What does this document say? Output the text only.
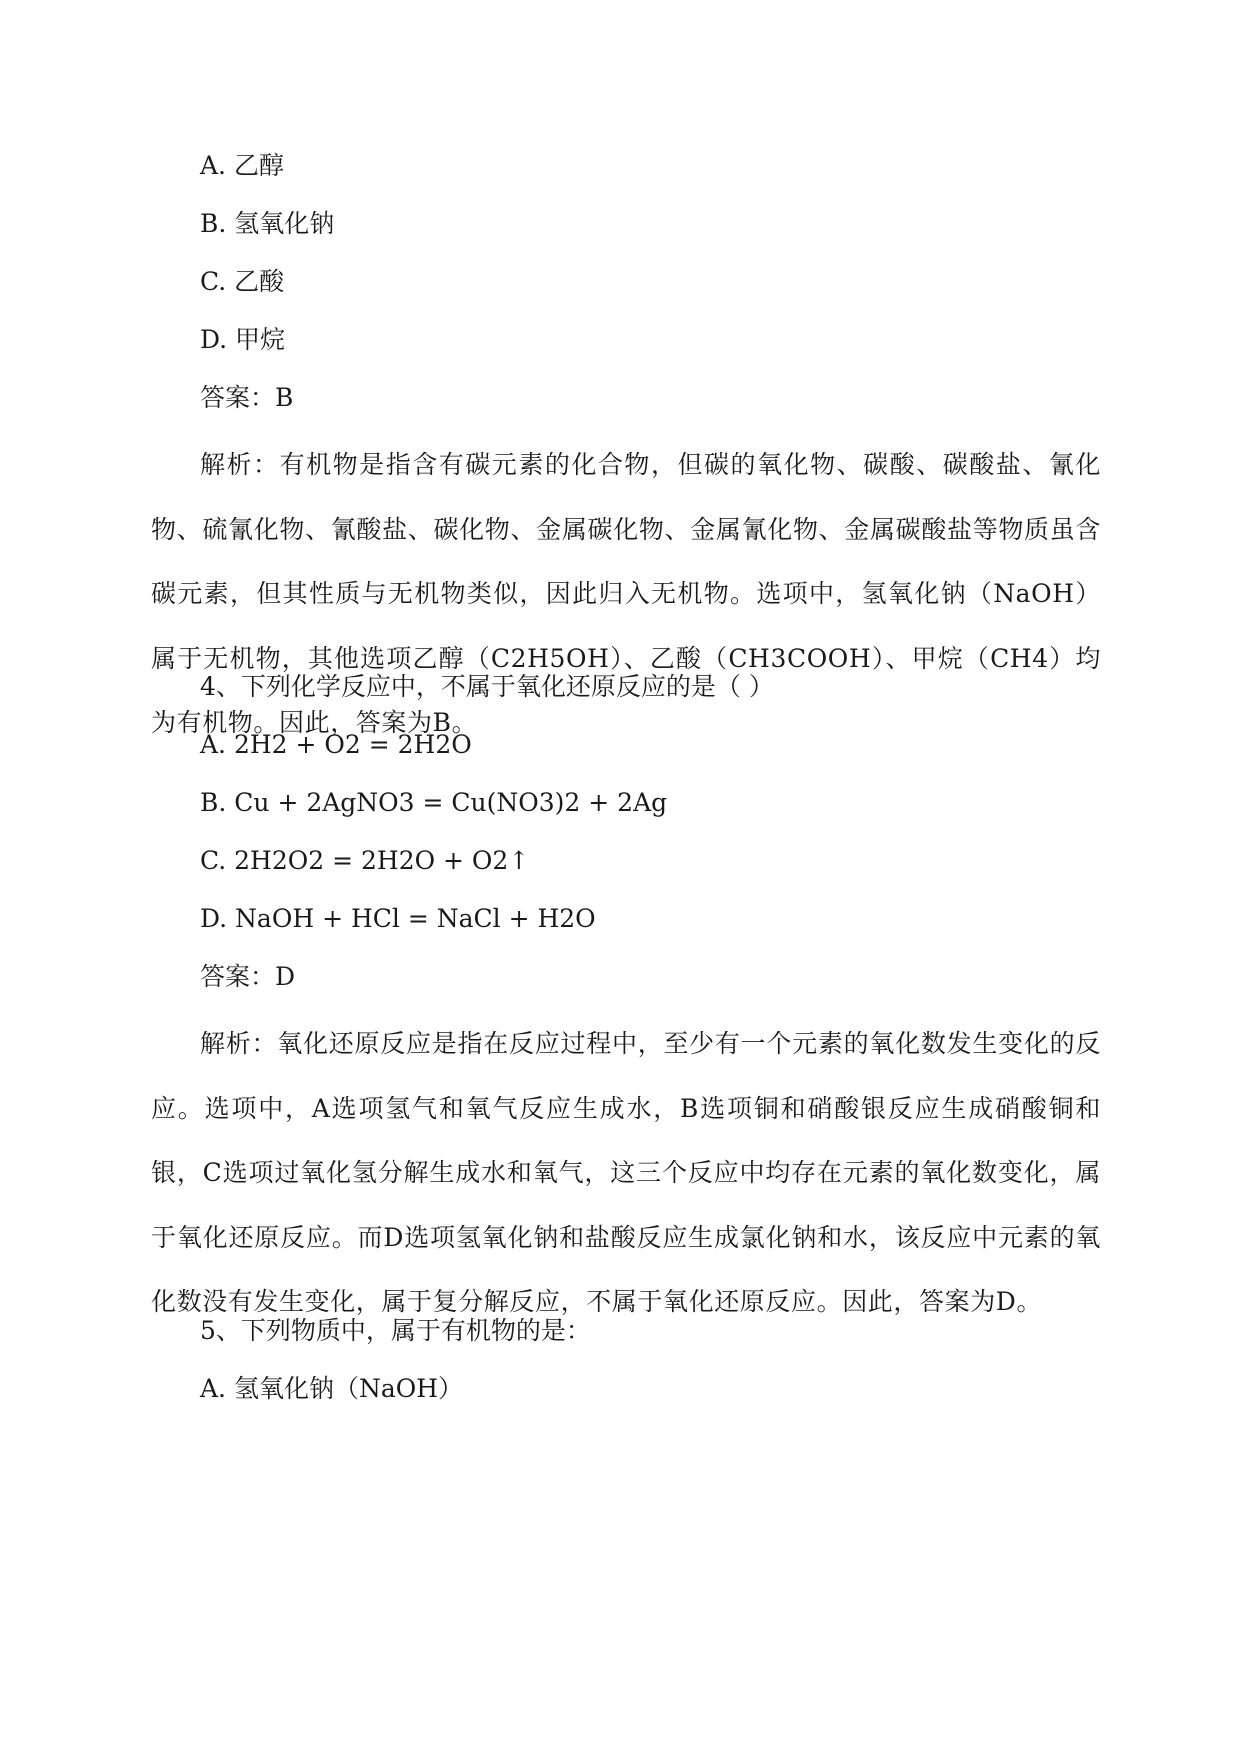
A. 乙醇
B. 氢氧化钠
C. 乙酸
D. 甲烷
答案：B
解析：有机物是指含有碳元素的化合物，但碳的氧化物、碳酸、碳酸盐、氰化物、硫氰化物、氰酸盐、碳化物、金属碳化物、金属氰化物、金属碳酸盐等物质虽含碳元素，但其性质与无机物类似，因此归入无机物。选项中，氢氧化钠（NaOH）属于无机物，其他选项乙醇（C2H5OH）、乙酸（CH3COOH）、甲烷（CH4）均为有机物。因此，答案为B。
4、下列化学反应中，不属于氧化还原反应的是（ ）
A. 2H2 + O2 = 2H2O
B. Cu + 2AgNO3 = Cu(NO3)2 + 2Ag
C. 2H2O2 = 2H2O + O2↑
D. NaOH + HCl = NaCl + H2O
答案：D
解析：氧化还原反应是指在反应过程中，至少有一个元素的氧化数发生变化的反应。选项中，A选项氢气和氧气反应生成水，B选项铜和硝酸银反应生成硝酸铜和银，C选项过氧化氢分解生成水和氧气，这三个反应中均存在元素的氧化数变化，属于氧化还原反应。而D选项氢氧化钠和盐酸反应生成氯化钠和水，该反应中元素的氧化数没有发生变化，属于复分解反应，不属于氧化还原反应。因此，答案为D。
5、下列物质中，属于有机物的是：
A. 氢氧化钠（NaOH）
